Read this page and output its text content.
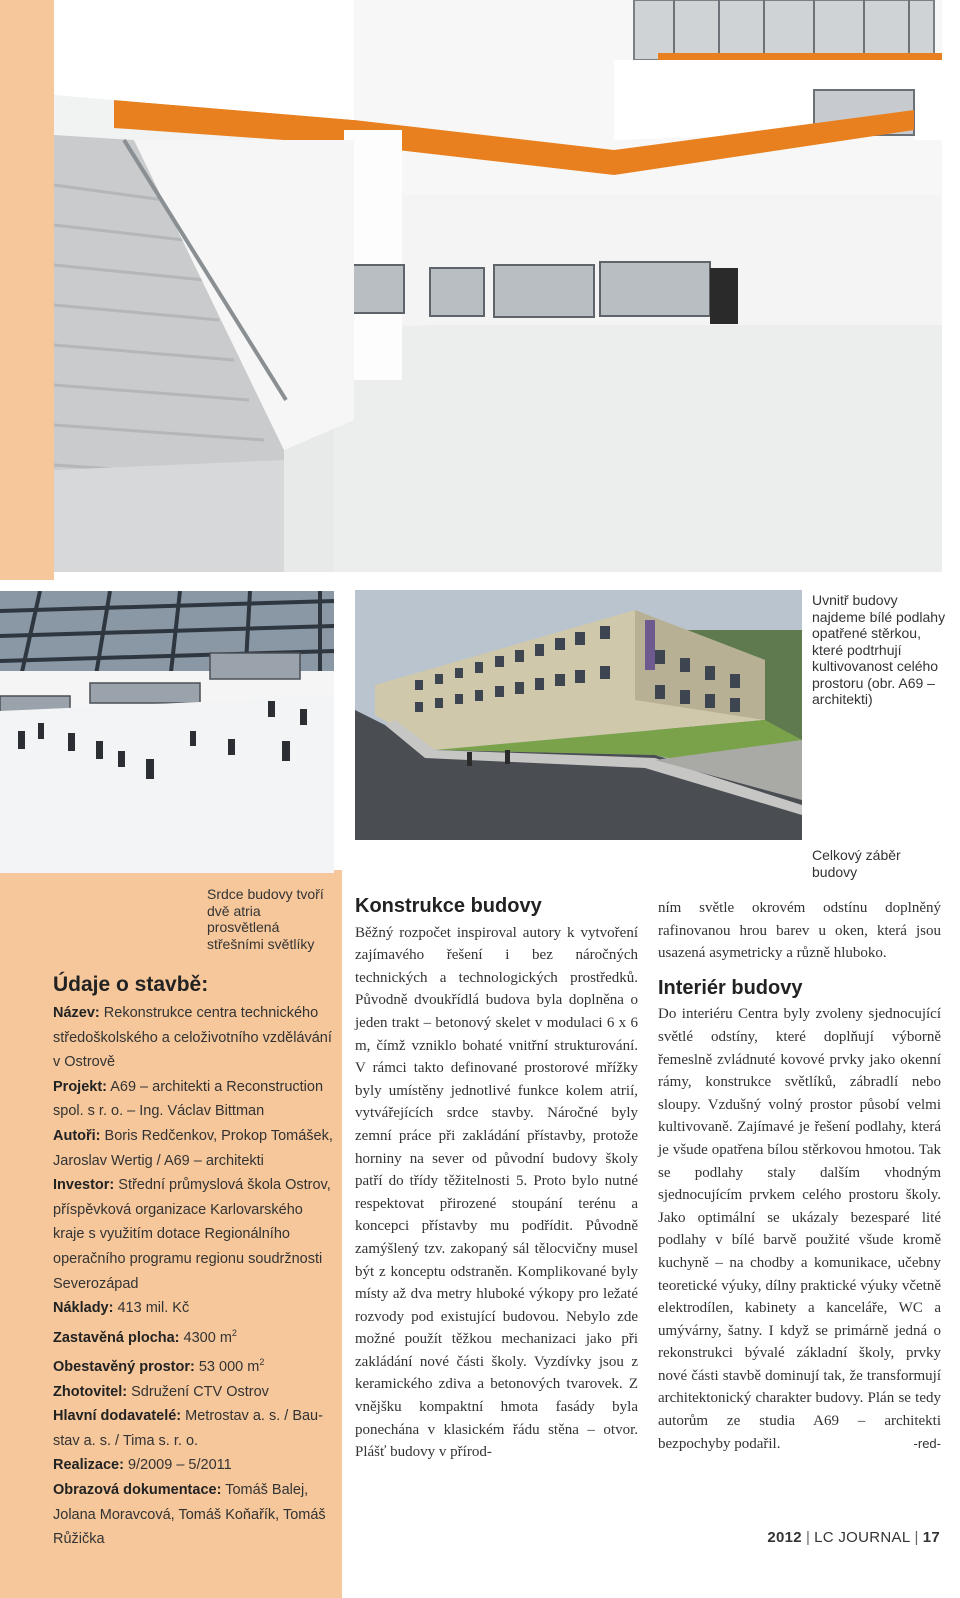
Uvnitř budovy najdeme bílé podlahy opatřené stěrkou, které podtrhují kultivovanost celého prostoru (obr. A69 – architekti)
Celkový záběr budovy
Srdce budovy tvoří dvě atria prosvětlená střešními světlíky
Údaje o stavbě:
Název: Rekonstrukce centra technického středoškolského a celoživotního vzdělávání v Ostrově
Projekt: A69 – architekti a Reconstruction spol. s r. o. – Ing. Václav Bittman
Autoři: Boris Redčenkov, Prokop Tomášek, Jaroslav Wertig / A69 – architekti
Investor: Střední průmyslová škola Ostrov, příspěvková organizace Karlovarského kraje s využitím dotace Regionálního operačního programu regionu soudržnosti Severozápad
Náklady: 413 mil. Kč
Zastavěná plocha: 4300 $m^2$
Obestavěný prostor: 53 000 $m^2$
Zhotovitel: Sdružení CTV Ostrov
Hlavní dodavatelé: Metrostav a. s. / Bau-stav a. s. / Tima s. r. o.
Realizace: 9/2009 – 5/2011
Obrazová dokumentace: Tomáš Balej, Jolana Moravcová, Tomáš Koňařík, Tomáš Růžička
Konstrukce budovy

Běžný rozpočet inspiroval autory k vytvoření zajímavého řešení i bez náročných technických a technologických prostředků. Původně dvoukřídlá budova byla doplněna o jeden trakt – betonový skelet v modulaci 6 x 6 m, čímž vzniklo bohaté vnitřní strukturování. V rámci takto definované prostorové mřížky byly umístěny jednotlivé funkce kolem atrií, vytvářejících srdce stavby. Náročné byly zemní práce při zakládání přístavby, protože horniny na sever od původní budovy školy patří do třídy těžitelnosti 5. Proto bylo nutné respektovat přirozené stoupání terénu a koncepci přístavby mu podřídit. Původně zamýšlený tzv. zakopaný sál tělocvičny musel být z konceptu odstraněn. Komplikované byly místy až dva metry hluboké výkopy pro ležaté rozvody pod existující budovou. Nebylo zde možné použít těžkou mechanizaci jako při zakládání nové části školy. Vyzdívky jsou z keramického zdiva a betonových tvarovek. Z vnějšku kompaktní hmota fasády byla ponechána v klasickém řádu stěna – otvor. Plášť budovy v přírod-

ním světle okrovém odstínu doplněný rafinovanou hrou barev u oken, která jsou usazená asymetricky a různě hluboko.

Interiér budovy

Do interiéru Centra byly zvoleny sjednocující světlé odstíny, které doplňují výborně řemeslně zvládnuté kovové prvky jako okenní rámy, konstrukce světlíků, zábradlí nebo sloupy. Vzdušný volný prostor působí velmi kultivovaně. Zajímavé je řešení podlahy, která je všude opatřena bílou stěrkovou hmotou. Tak se podlahy staly dalším vhodným sjednocujícím prvkem celého prostoru školy. Jako optimální se ukázaly bezesparé lité podlahy v bílé barvě použité všude kromě kuchyně – na chodby a komunikace, učebny teoretické výuky, dílny praktické výuky včetně elektrodílen, kabinety a kanceláře, WC a umývárny, šatny. I když se primárně jedná o rekonstrukci bývalé základní školy, prvky nové části stavbě dominují tak, že transformují architektonický charakter budovy. Plán se tedy autorům ze studia A69 – architekti bezpochyby podařil.	-red-
2012 | LC JOURNAL | 17
